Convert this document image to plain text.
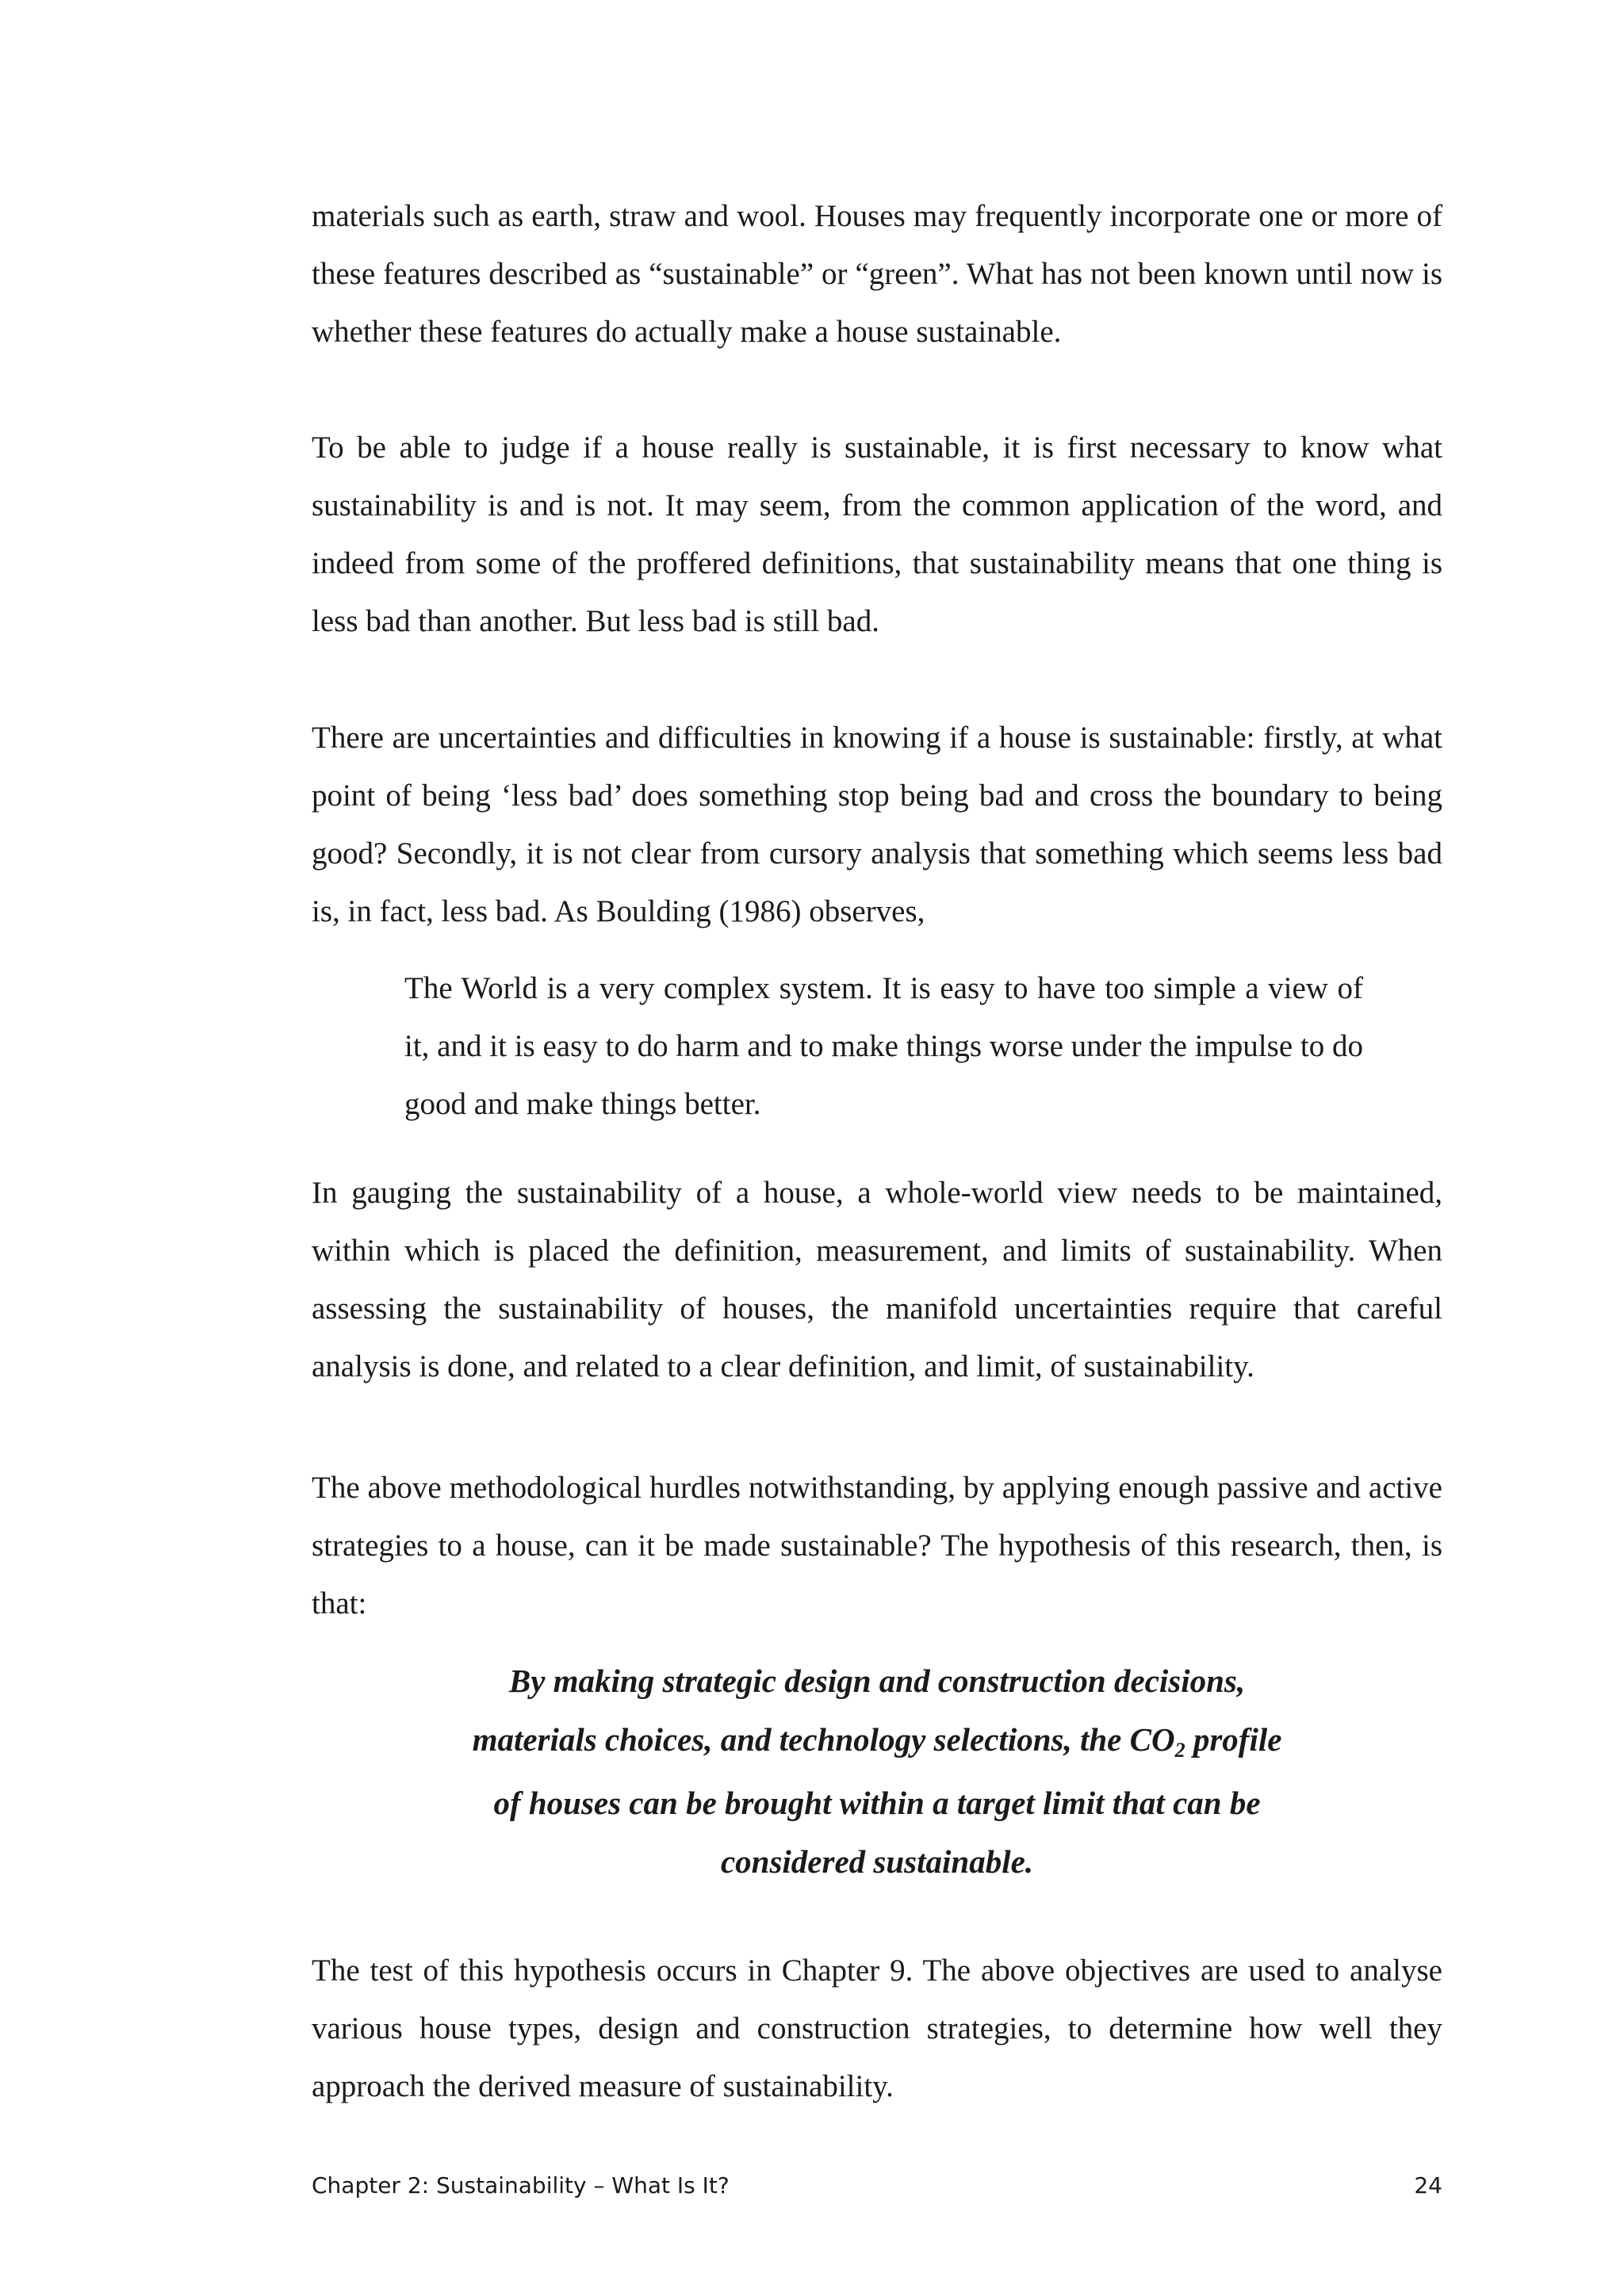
materials such as earth, straw and wool. Houses may frequently incorporate one or more of these features described as “sustainable” or “green”. What has not been known until now is whether these features do actually make a house sustainable.

To be able to judge if a house really is sustainable, it is first necessary to know what sustainability is and is not. It may seem, from the common application of the word, and indeed from some of the proffered definitions, that sustainability means that one thing is less bad than another. But less bad is still bad.

There are uncertainties and difficulties in knowing if a house is sustainable: firstly, at what point of being ‘less bad’ does something stop being bad and cross the boundary to being good? Secondly, it is not clear from cursory analysis that something which seems less bad is, in fact, less bad. As Boulding (1986) observes,

The World is a very complex system. It is easy to have too simple a view of it, and it is easy to do harm and to make things worse under the impulse to do good and make things better.

In gauging the sustainability of a house, a whole-world view needs to be maintained, within which is placed the definition, measurement, and limits of sustainability. When assessing the sustainability of houses, the manifold uncertainties require that careful analysis is done, and related to a clear definition, and limit, of sustainability.

The above methodological hurdles notwithstanding, by applying enough passive and active strategies to a house, can it be made sustainable? The hypothesis of this research, then, is that:

By making strategic design and construction decisions,
materials choices, and technology selections, the $CO_2$ profile
of houses can be brought within a target limit that can be
considered sustainable.

The test of this hypothesis occurs in Chapter 9. The above objectives are used to analyse various house types, design and construction strategies, to determine how well they approach the derived measure of sustainability.

Chapter 2: Sustainability – What Is It?	24
